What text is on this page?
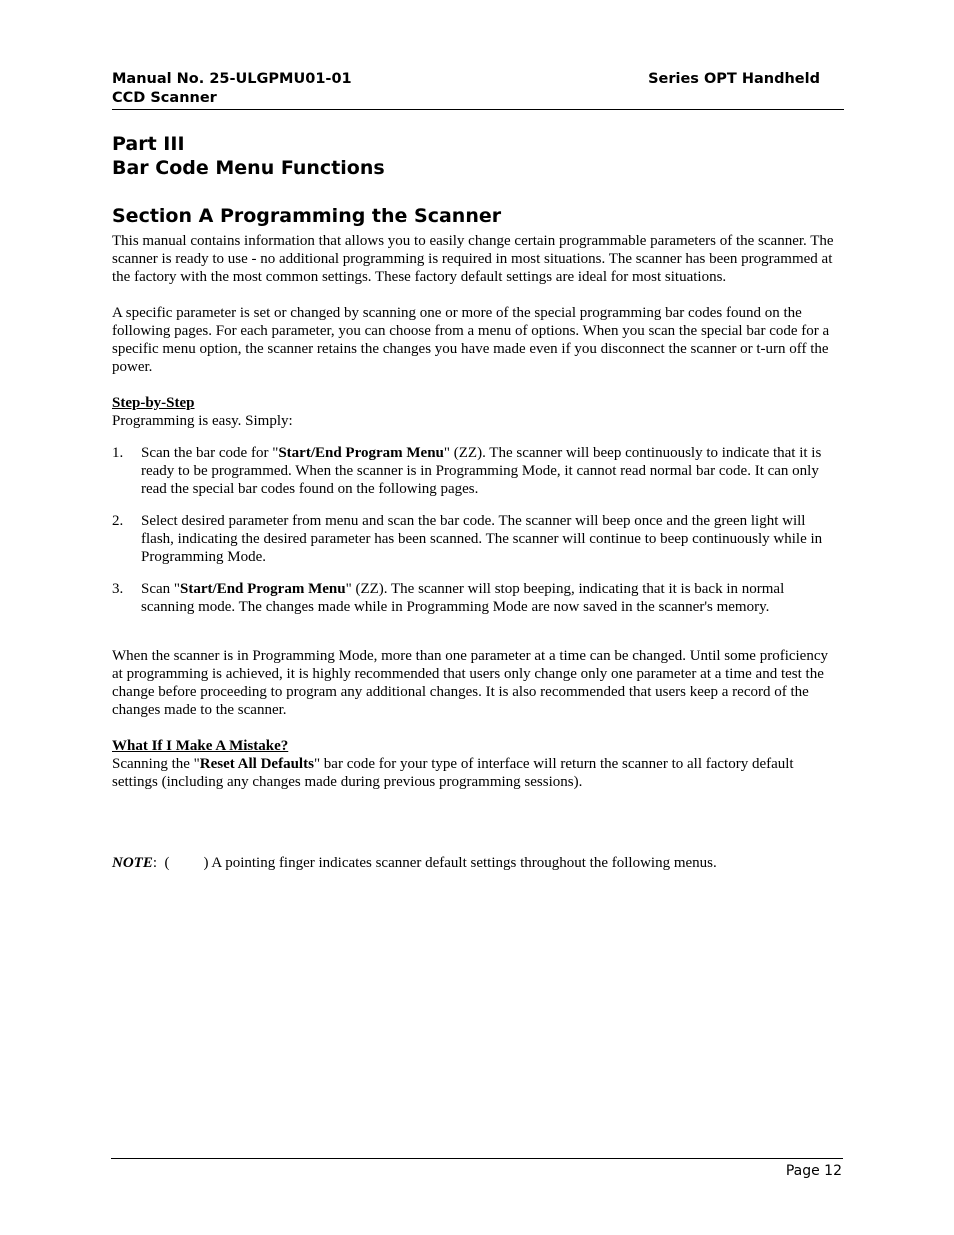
Manual No. 25-ULGPMU01-01
CCD Scanner
Series OPT Handheld
Part III
Bar Code Menu Functions
Section A Programming the Scanner

This manual contains information that allows you to easily change certain programmable parameters of the scanner. The scanner is ready to use - no additional programming is required in most situations. The scanner has been programmed at the factory with the most common settings. These factory default settings are ideal for most situations.

A specific parameter is set or changed by scanning one or more of the special programming bar codes found on the following pages. For each parameter, you can choose from a menu of options. When you scan the special bar code for a specific menu option, the scanner retains the changes you have made even if you disconnect the scanner or t-urn off the power.

Step-by-Step

Programming is easy. Simply:

1. Scan the bar code for "Start/End Program Menu" (ZZ). The scanner will beep continuously to indicate that it is ready to be programmed. When the scanner is in Programming Mode, it cannot read normal bar code. It can only read the special bar codes found on the following pages.
2. Select desired parameter from menu and scan the bar code. The scanner will beep once and the green light will flash, indicating the desired parameter has been scanned. The scanner will continue to beep continuously while in Programming Mode.
3. Scan "Start/End Program Menu" (ZZ). The scanner will stop beeping, indicating that it is back in normal scanning mode. The changes made while in Programming Mode are now saved in the scanner's memory.

When the scanner is in Programming Mode, more than one parameter at a time can be changed. Until some proficiency at programming is achieved, it is highly recommended that users only change only one parameter at a time and test the change before proceeding to program any additional changes. It is also recommended that users keep a record of the changes made to the scanner.

What If I Make A Mistake?

Scanning the "Reset All Defaults" bar code for your type of interface will return the scanner to all factory default settings (including any changes made during previous programming sessions).

NOTE: ( ) A pointing finger indicates scanner default settings throughout the following menus.
Page 12
